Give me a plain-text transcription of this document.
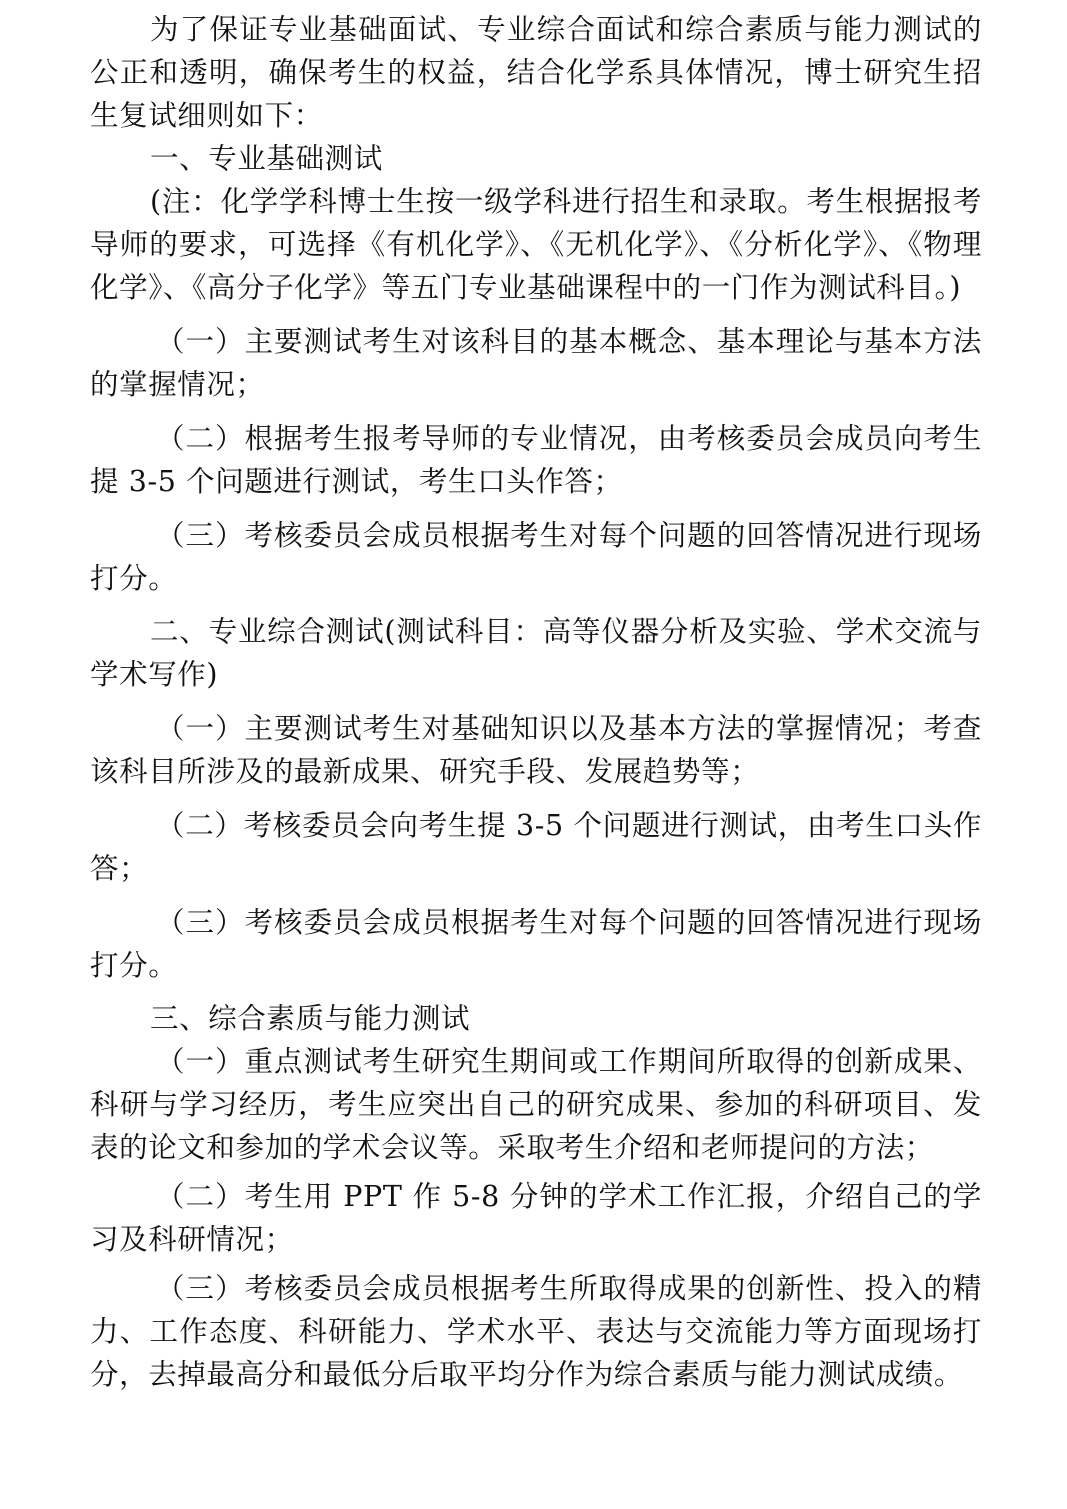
为了保证专业基础面试、专业综合面试和综合素质与能力测试的公正和透明，确保考生的权益，结合化学系具体情况，博士研究生招生复试细则如下：

一、专业基础测试

(注：化学学科博士生按一级学科进行招生和录取。考生根据报考导师的要求，可选择《有机化学》、《无机化学》、《分析化学》、《物理化学》、《高分子化学》等五门专业基础课程中的一门作为测试科目。)

（一）主要测试考生对该科目的基本概念、基本理论与基本方法的掌握情况；

（二）根据考生报考导师的专业情况，由考核委员会成员向考生提 3-5 个问题进行测试，考生口头作答；

（三）考核委员会成员根据考生对每个问题的回答情况进行现场打分。

二、专业综合测试(测试科目：高等仪器分析及实验、学术交流与学术写作)

（一）主要测试考生对基础知识以及基本方法的掌握情况；考查该科目所涉及的最新成果、研究手段、发展趋势等；

（二）考核委员会向考生提 3-5 个问题进行测试，由考生口头作答；

（三）考核委员会成员根据考生对每个问题的回答情况进行现场打分。

三、综合素质与能力测试

（一）重点测试考生研究生期间或工作期间所取得的创新成果、科研与学习经历，考生应突出自己的研究成果、参加的科研项目、发表的论文和参加的学术会议等。采取考生介绍和老师提问的方法；

（二）考生用 PPT 作 5-8 分钟的学术工作汇报，介绍自己的学习及科研情况；

（三）考核委员会成员根据考生所取得成果的创新性、投入的精力、工作态度、科研能力、学术水平、表达与交流能力等方面现场打分，去掉最高分和最低分后取平均分作为综合素质与能力测试成绩。
